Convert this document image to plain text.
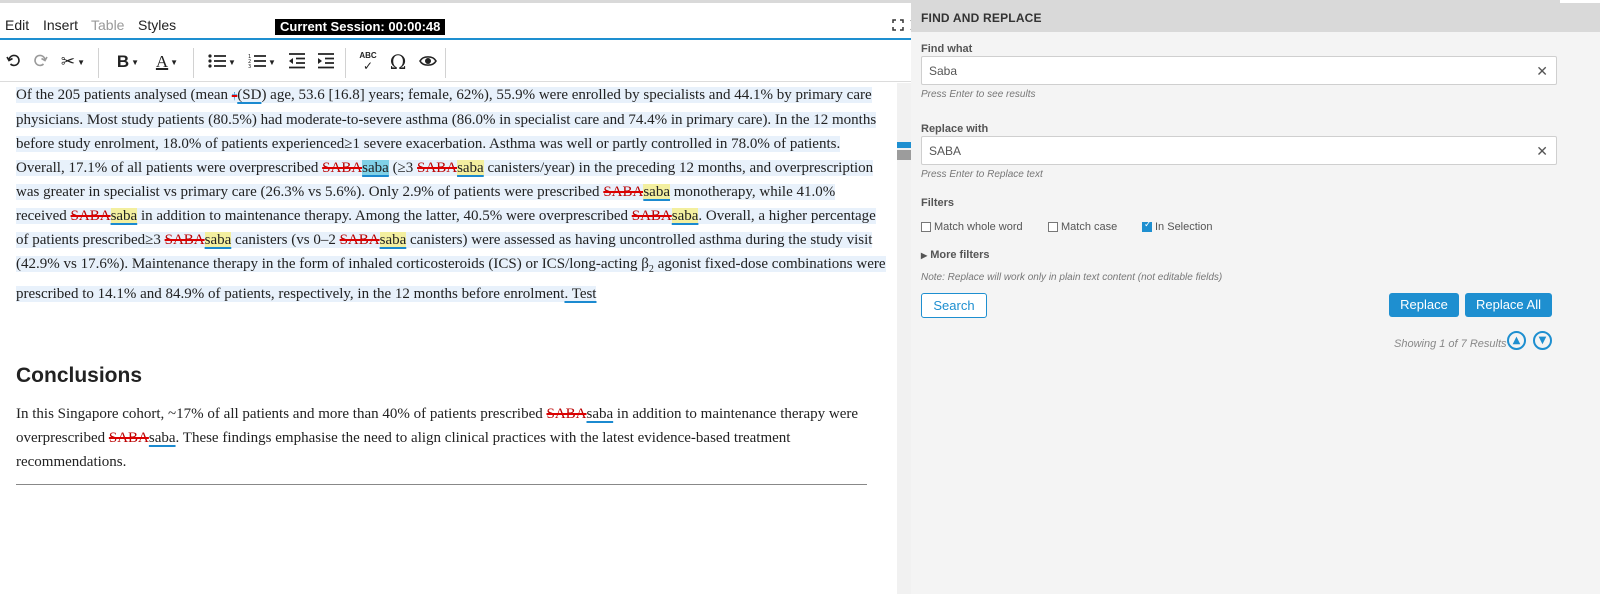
Edit Insert Table Styles	Current Session: 00:00:48
✂ ▼ B ▼ A ▼	▼
1
2
3
▼
ABC
✓ Ω

Of the 205 patients analysed (mean †(SD) age, 53.6 [16.8] years; female, 62%), 55.9% were enrolled by specialists and 44.1% by primary care physicians. Most study patients (80.5%) had moderate-to-severe asthma (86.0% in specialist care and 74.4% in primary care). In the 12 months before study enrolment, 18.0% of patients experienced≥1 severe exacerbation. Asthma was well or partly controlled in 78.0% of patients. Overall, 17.1% of all patients were overprescribed SABAsaba (≥3 SABAsaba canisters/year) in the preceding 12 months, and overprescription was greater in specialist vs primary care (26.3% vs 5.6%). Only 2.9% of patients were prescribed SABAsaba monotherapy, while 41.0% received SABAsaba in addition to maintenance therapy. Among the latter, 40.5% were overprescribed SABAsaba. Overall, a higher percentage of patients prescribed≥3 SABAsaba canisters (vs 0–2 SABAsaba canisters) were assessed as having uncontrolled asthma during the study visit (42.9% vs 17.6%). Maintenance therapy in the form of inhaled corticosteroids (ICS) or ICS/long-acting $\beta_2$ agonist fixed-dose combinations were prescribed to 14.1% and 84.9% of patients, respectively, in the 12 months before enrolment. Test

Conclusions

In this Singapore cohort, ~17% of all patients and more than 40% of patients prescribed SABAsaba in addition to maintenance therapy were overprescribed SABAsaba. These findings emphasise the need to align clinical practices with the latest evidence-based treatment recommendations.

FIND AND REPLACE
Find what
Saba
✕
Press Enter to see results
Replace with
SABA
✕
Press Enter to Replace text
Filters
Match whole word	Match case
✓	In Selection
▶ More filters
Note: Replace will work only in plain text content (not editable fields)
Search	Replace	Replace All
Showing 1 of 7 Results ▲	▼
